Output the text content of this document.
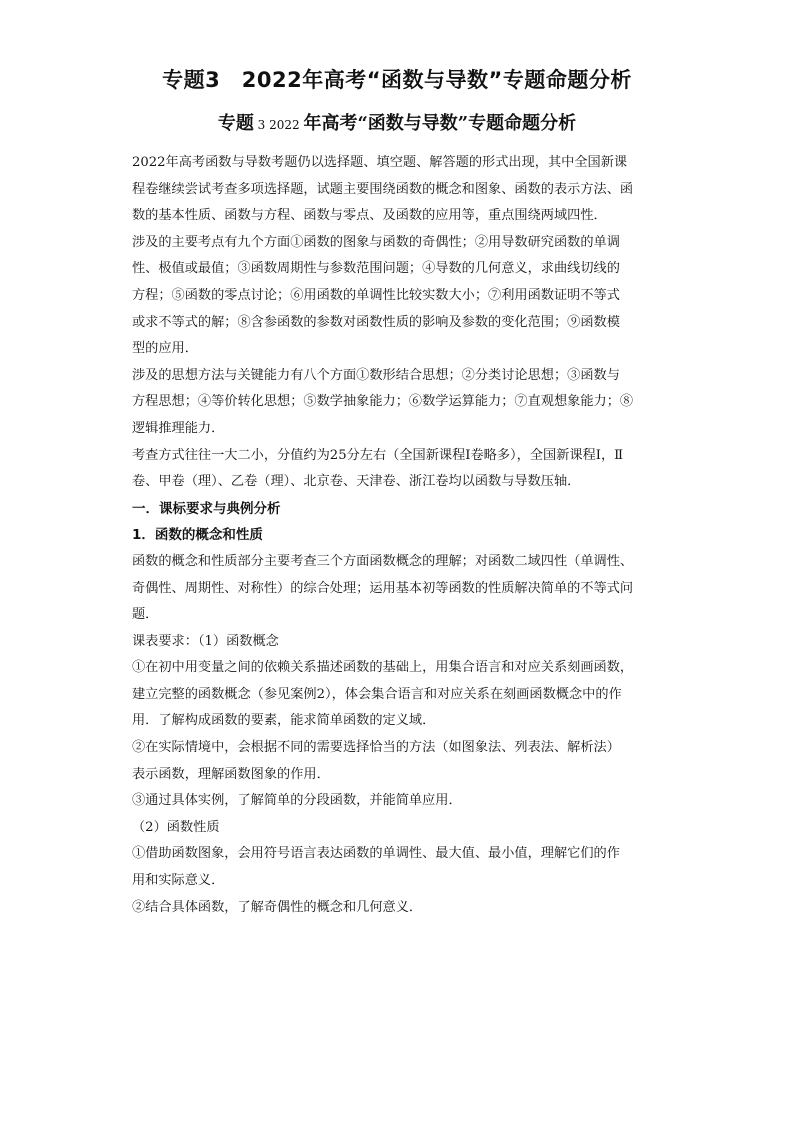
专题3　2022年高考“函数与导数”专题命题分析
专题 3 2022 年高考“函数与导数”专题命题分析
2022年高考函数与导数考题仍以选择题、填空题、解答题的形式出现，其中全国新课
程卷继续尝试考查多项选择题，试题主要围绕函数的概念和图象、函数的表示方法、函
数的基本性质、函数与方程、函数与零点、及函数的应用等，重点围绕两域四性．
涉及的主要考点有九个方面①函数的图象与函数的奇偶性；②用导数研究函数的单调
性、极值或最值；③函数周期性与参数范围问题；④导数的几何意义，求曲线切线的
方程；⑤函数的零点讨论；⑥用函数的单调性比较实数大小；⑦利用函数证明不等式
或求不等式的解；⑧含参函数的参数对函数性质的影响及参数的变化范围；⑨函数模
型的应用．
涉及的思想方法与关键能力有八个方面①数形结合思想；②分类讨论思想；③函数与
方程思想；④等价转化思想；⑤数学抽象能力；⑥数学运算能力；⑦直观想象能力；⑧
逻辑推理能力．
考查方式往往一大二小，分值约为25分左右（全国新课程Ⅰ卷略多），全国新课程Ⅰ，Ⅱ
卷、甲卷（理）、乙卷（理）、北京卷、天津卷、浙江卷均以函数与导数压轴．
一．课标要求与典例分析
1．函数的概念和性质
函数的概念和性质部分主要考查三个方面函数概念的理解；对函数二域四性（单调性、
奇偶性、周期性、对称性）的综合处理；运用基本初等函数的性质解决简单的不等式问
题．
课表要求：（1）函数概念
①在初中用变量之间的依赖关系描述函数的基础上，用集合语言和对应关系刻画函数，
建立完整的函数概念（参见案例2），体会集合语言和对应关系在刻画函数概念中的作
用．了解构成函数的要素，能求简单函数的定义域．
②在实际情境中，会根据不同的需要选择恰当的方法（如图象法、列表法、解析法）
表示函数，理解函数图象的作用．
③通过具体实例，了解简单的分段函数，并能简单应用．
（2）函数性质
①借助函数图象，会用符号语言表达函数的单调性、最大值、最小值，理解它们的作
用和实际意义．
②结合具体函数，了解奇偶性的概念和几何意义．
